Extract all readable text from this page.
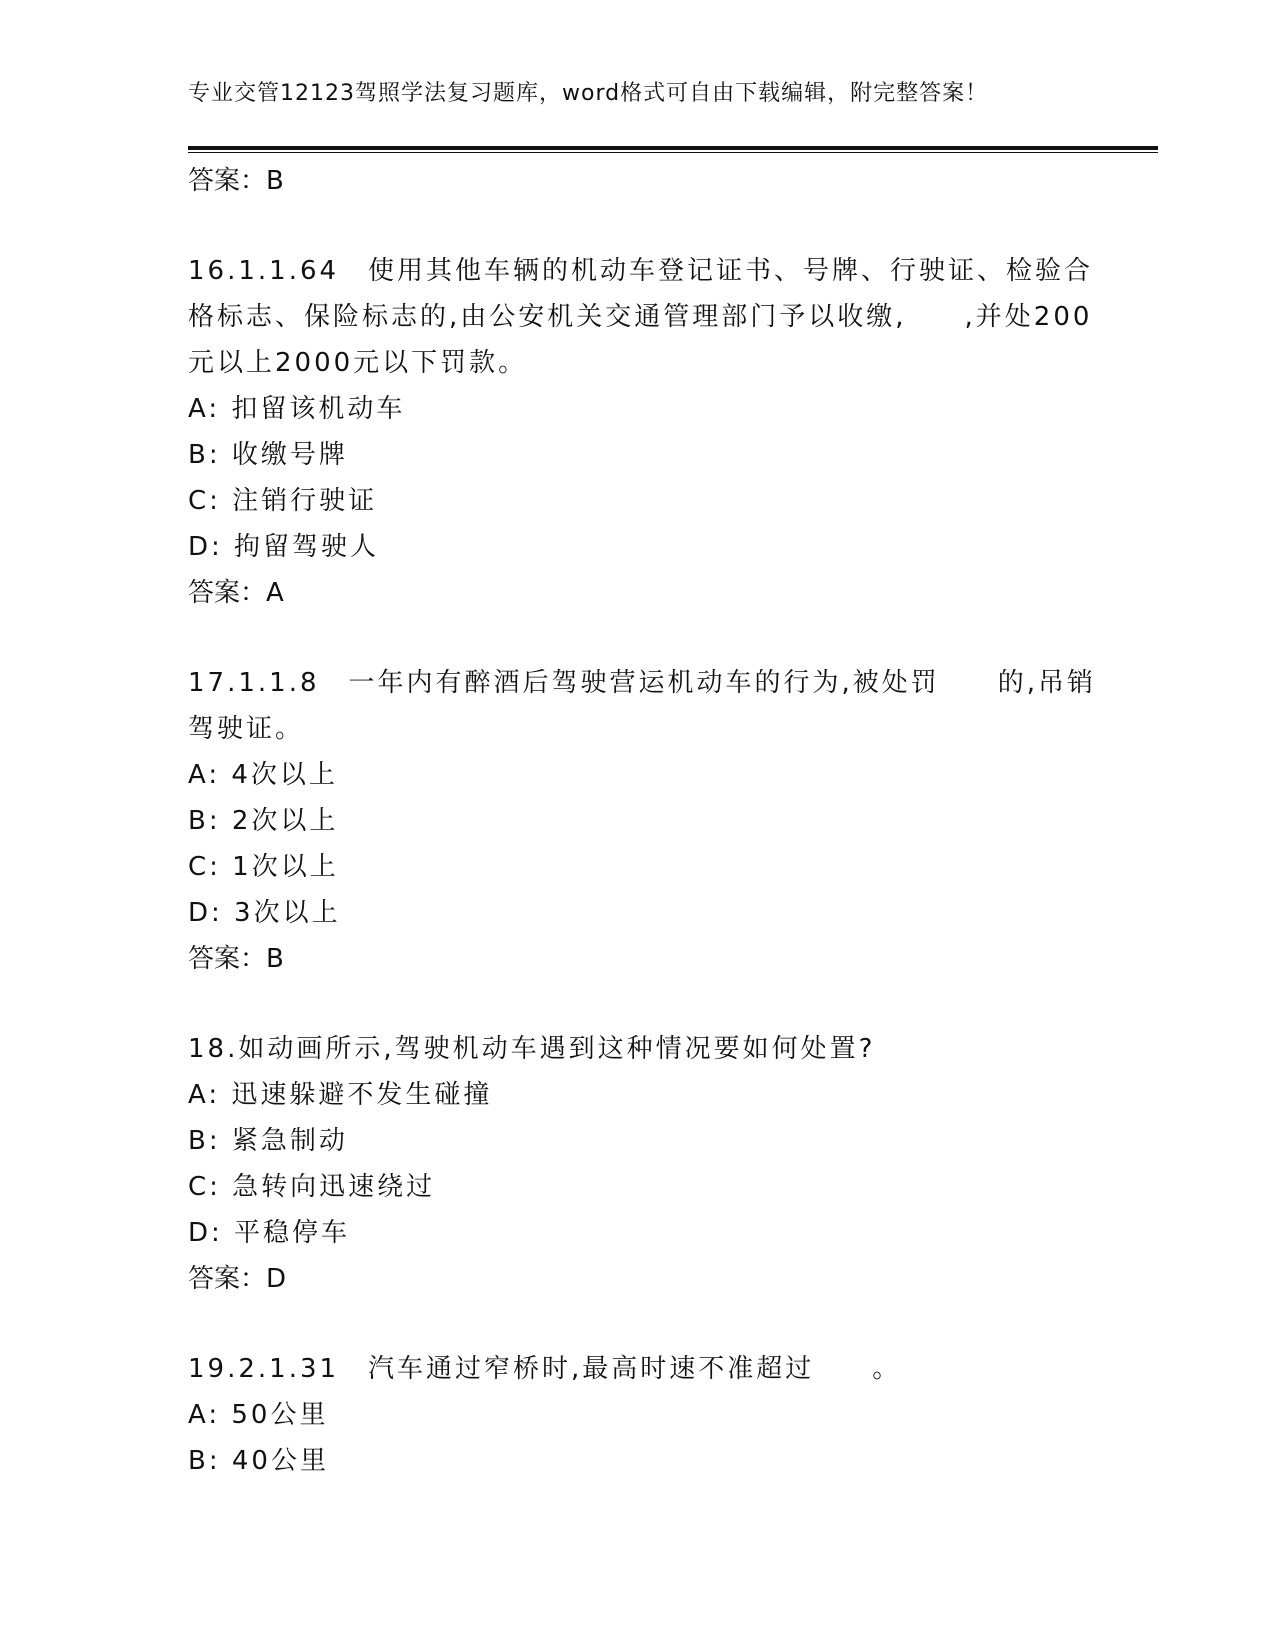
专业交管12123驾照学法复习题库，word格式可自由下载编辑，附完整答案！
答案：B
16.1.1.64　使用其他车辆的机动车登记证书、号牌、行驶证、检验合格标志、保险标志的,由公安机关交通管理部门予以收缴,　　,并处200元以上2000元以下罚款。
A: 扣留该机动车
B: 收缴号牌
C: 注销行驶证
D: 拘留驾驶人
答案：A
17.1.1.8　一年内有醉酒后驾驶营运机动车的行为,被处罚　　的,吊销驾驶证。
A: 4次以上
B: 2次以上
C: 1次以上
D: 3次以上
答案：B
18.如动画所示,驾驶机动车遇到这种情况要如何处置?
A: 迅速躲避不发生碰撞
B: 紧急制动
C: 急转向迅速绕过
D: 平稳停车
答案：D
19.2.1.31　汽车通过窄桥时,最高时速不准超过　　。
A: 50公里
B: 40公里
